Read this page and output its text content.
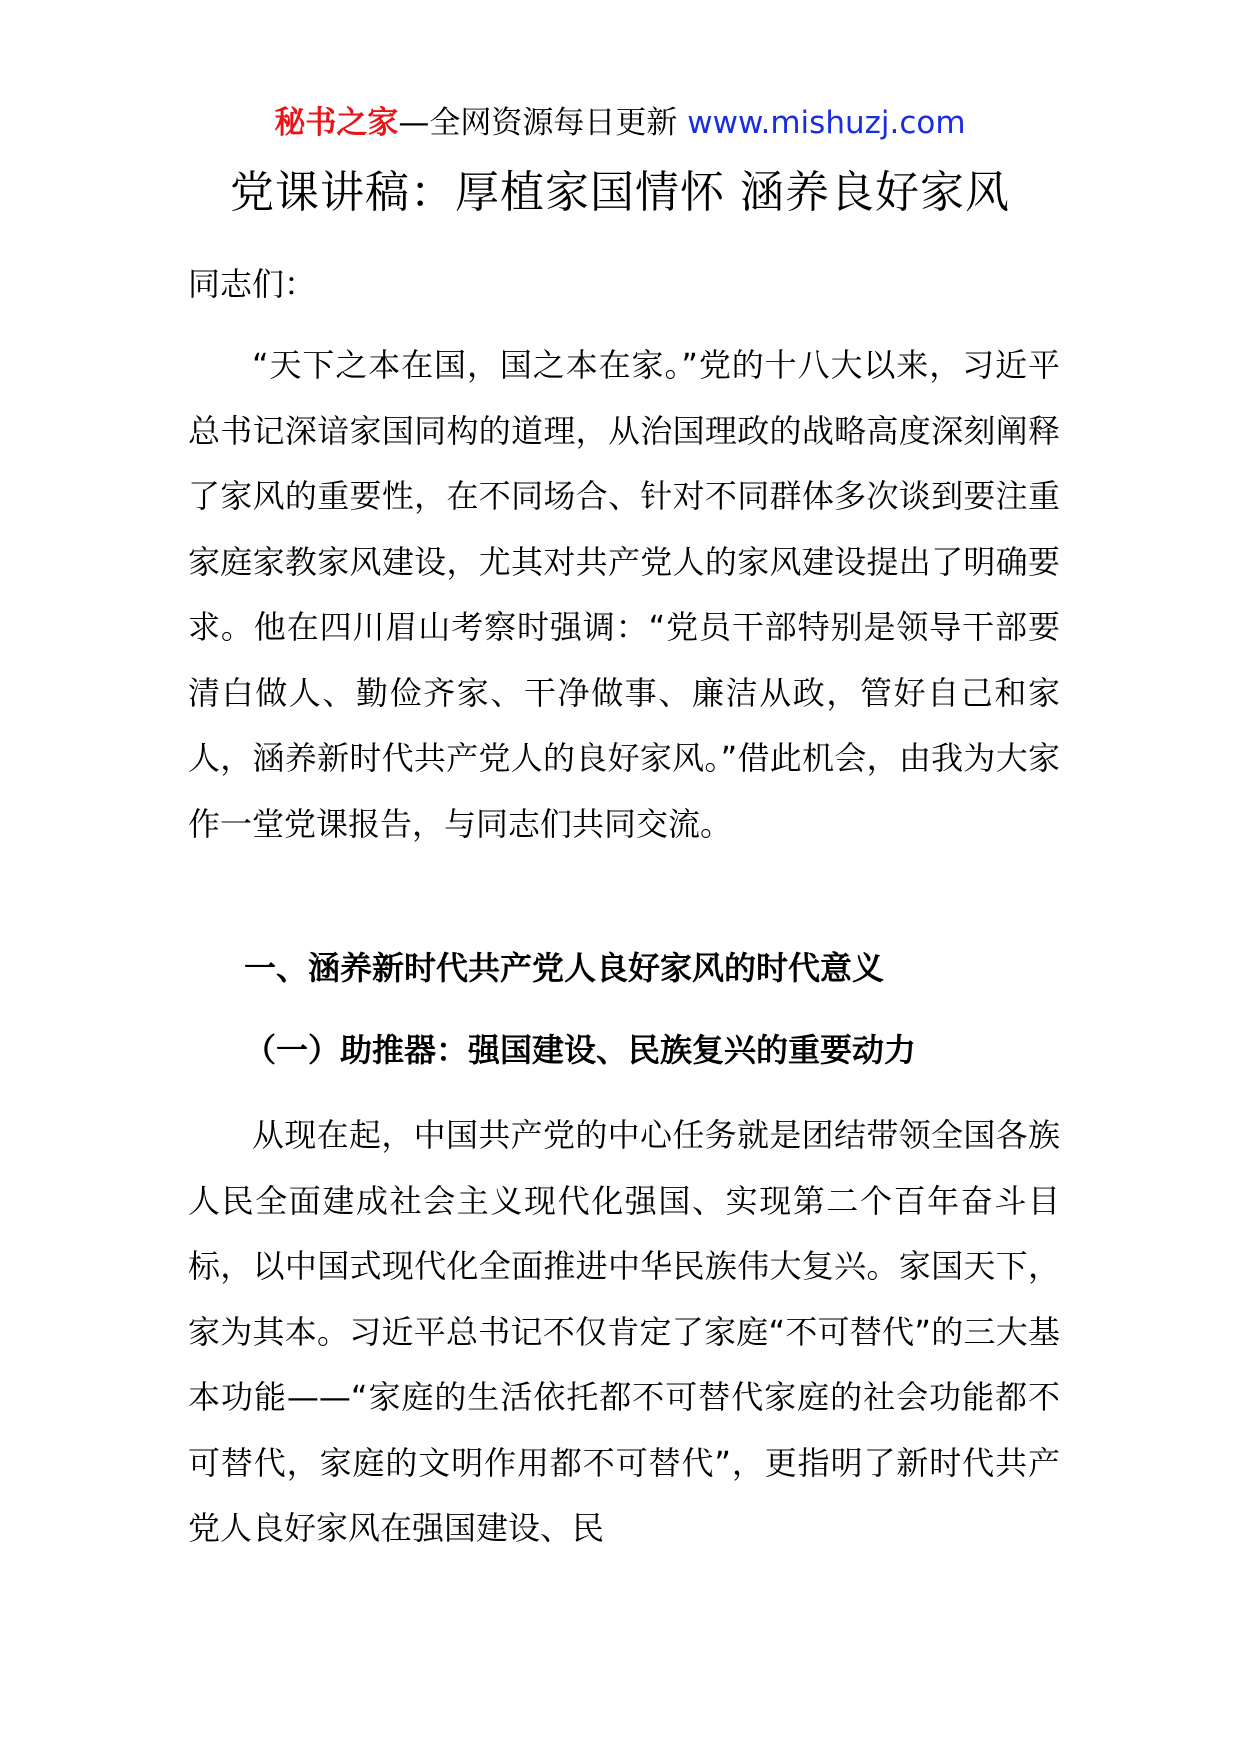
秘书之家—全网资源每日更新 www.mishuzj.com
党课讲稿：厚植家国情怀 涵养良好家风
同志们：
“天下之本在国，国之本在家。”党的十八大以来，习近平总书记深谙家国同构的道理，从治国理政的战略高度深刻阐释了家风的重要性，在不同场合、针对不同群体多次谈到要注重家庭家教家风建设，尤其对共产党人的家风建设提出了明确要求。他在四川眉山考察时强调：“党员干部特别是领导干部要清白做人、勤俭齐家、干净做事、廉洁从政，管好自己和家人，涵养新时代共产党人的良好家风。”借此机会，由我为大家作一堂党课报告，与同志们共同交流。
一、涵养新时代共产党人良好家风的时代意义
（一）助推器：强国建设、民族复兴的重要动力
从现在起，中国共产党的中心任务就是团结带领全国各族人民全面建成社会主义现代化强国、实现第二个百年奋斗目标，以中国式现代化全面推进中华民族伟大复兴。家国天下，家为其本。习近平总书记不仅肯定了家庭“不可替代”的三大基本功能——“家庭的生活依托都不可替代家庭的社会功能都不可替代，家庭的文明作用都不可替代”，更指明了新时代共产党人良好家风在强国建设、民
